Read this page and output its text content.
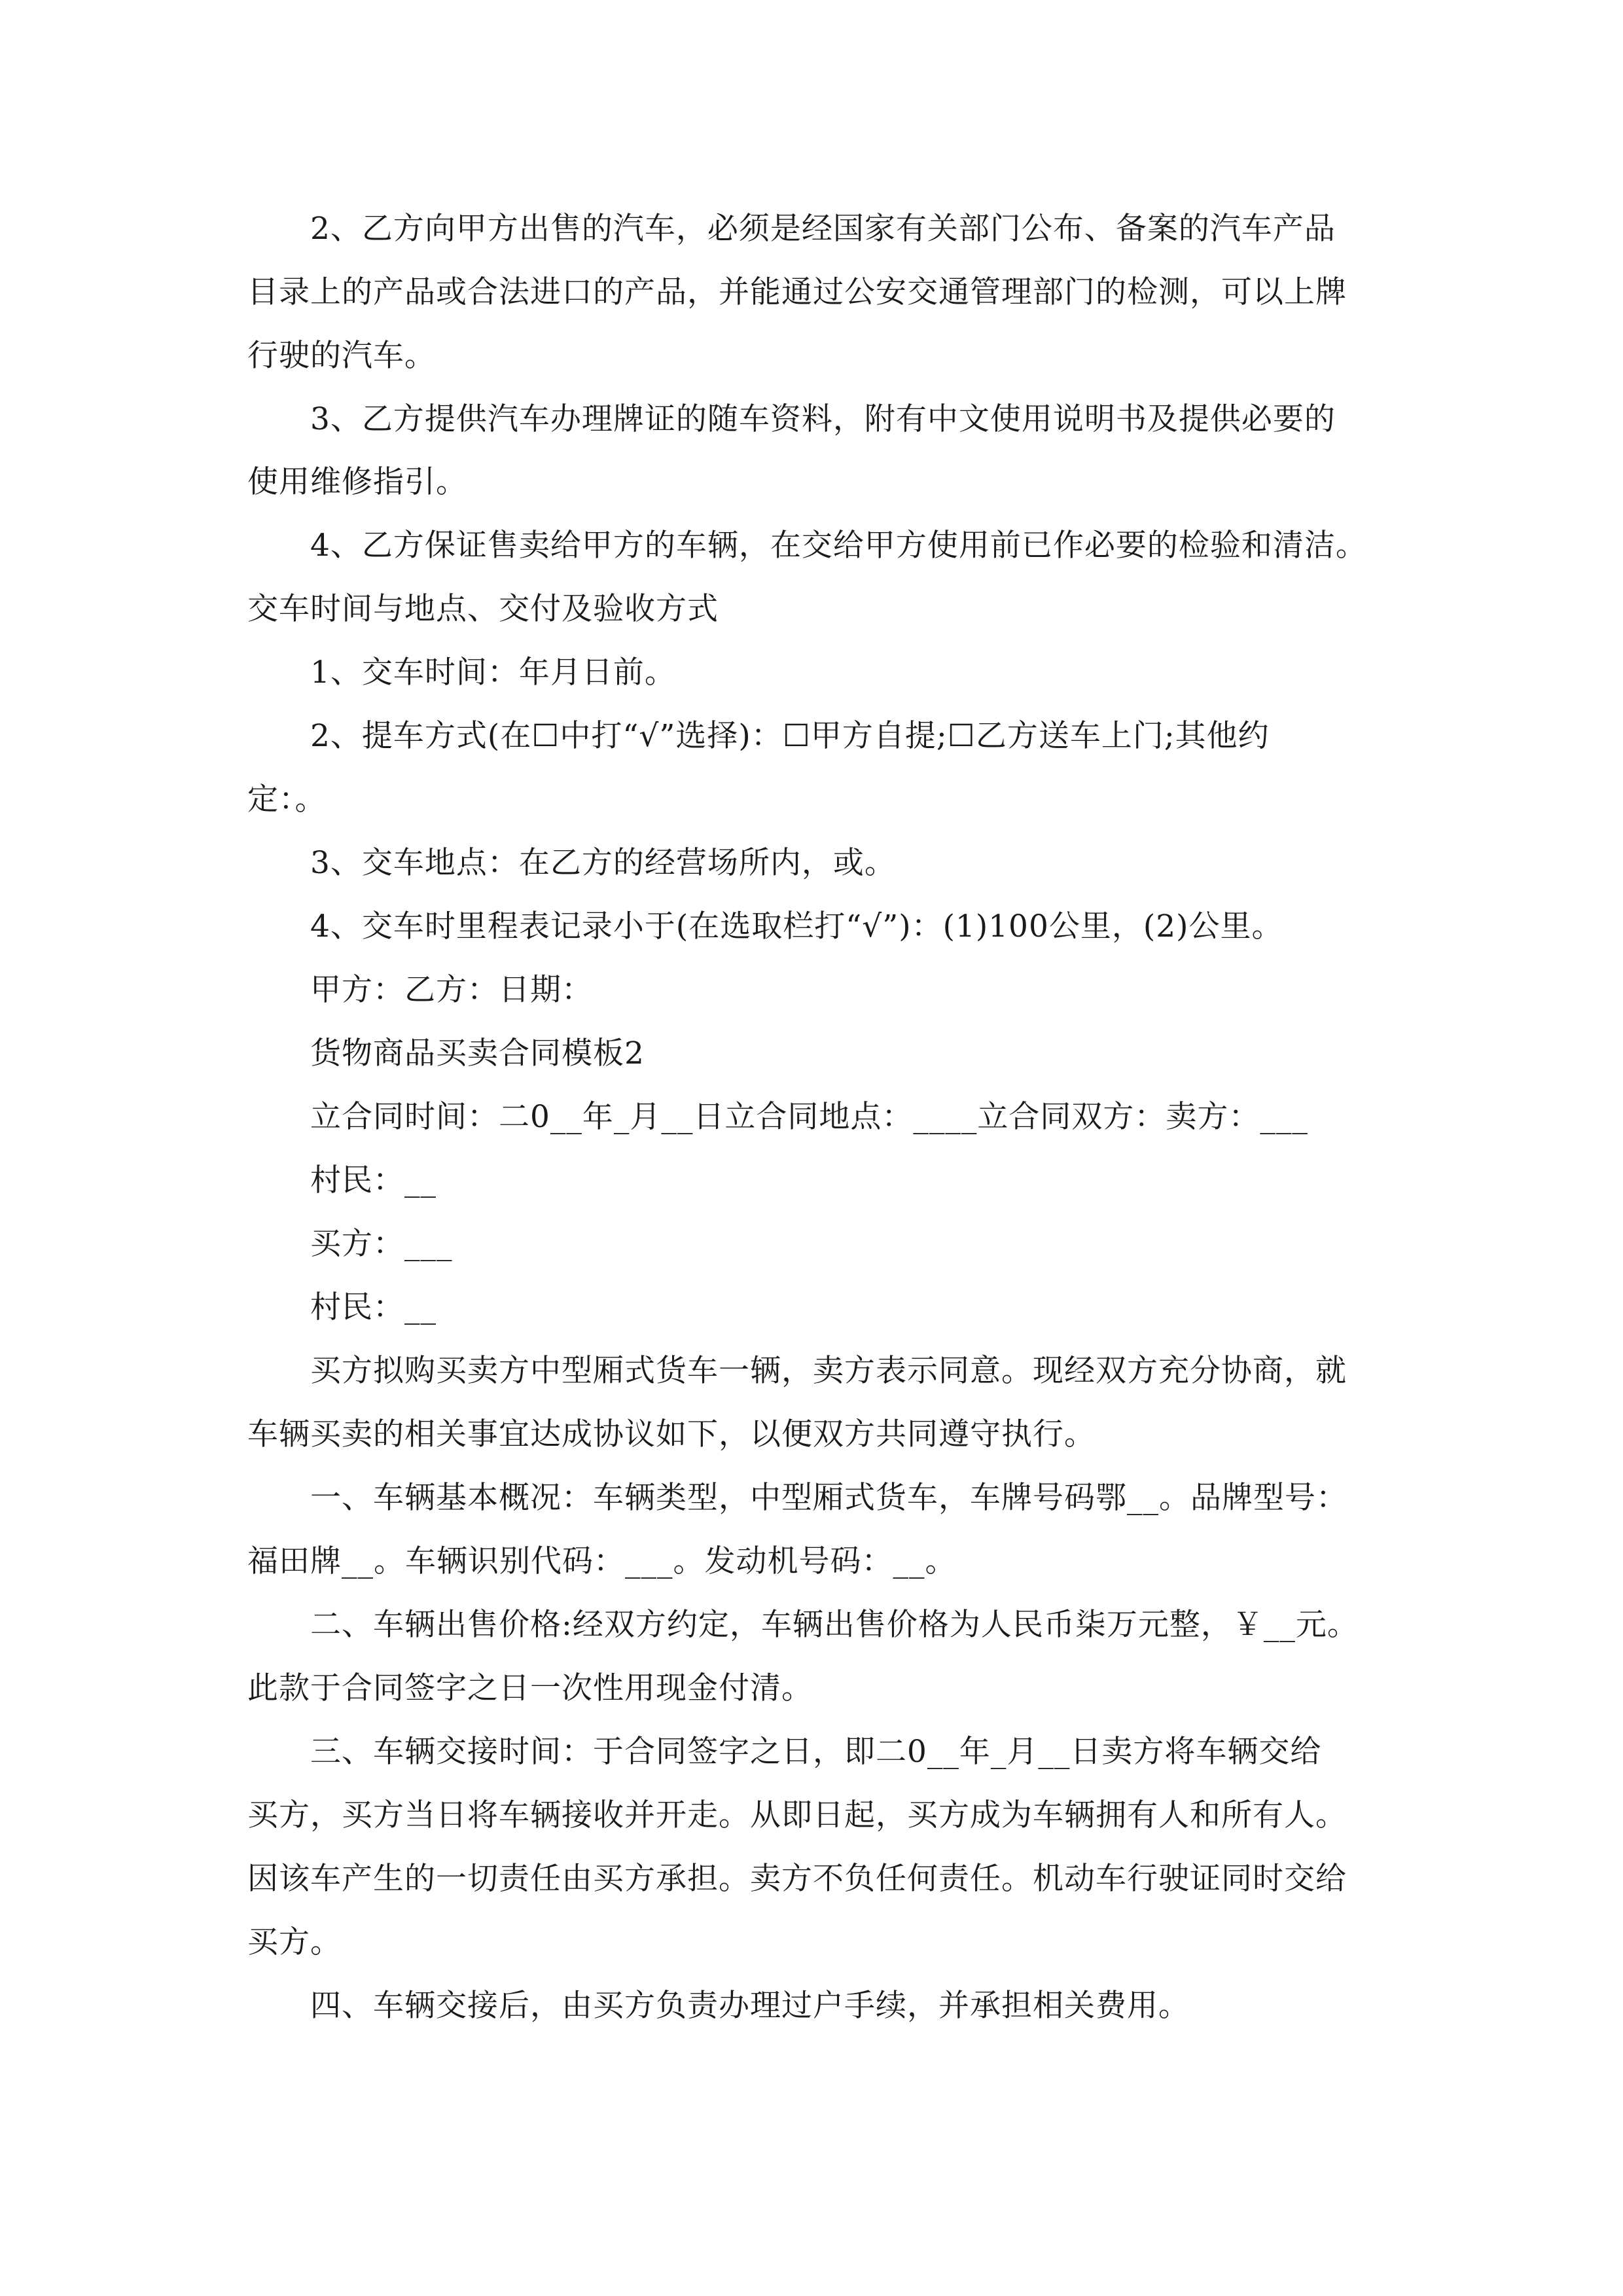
2、乙方向甲方出售的汽车，必须是经国家有关部门公布、备案的汽车产品

目录上的产品或合法进口的产品，并能通过公安交通管理部门的检测，可以上牌

行驶的汽车。

3、乙方提供汽车办理牌证的随车资料，附有中文使用说明书及提供必要的

使用维修指引。

4、乙方保证售卖给甲方的车辆，在交给甲方使用前已作必要的检验和清洁。

交车时间与地点、交付及验收方式

1、交车时间：年月日前。

2、提车方式(在☐中打“√”选择)：☐甲方自提;☐乙方送车上门;其他约

定：。

3、交车地点：在乙方的经营场所内，或。

4、交车时里程表记录小于(在选取栏打“√”)：(1)100公里，(2)公里。

甲方：乙方：日期：

货物商品买卖合同模板2

立合同时间：二0__年_月__日立合同地点：____立合同双方：卖方：___

村民：__

买方：___

村民：__

买方拟购买卖方中型厢式货车一辆，卖方表示同意。现经双方充分协商，就

车辆买卖的相关事宜达成协议如下，以便双方共同遵守执行。

一、车辆基本概况：车辆类型，中型厢式货车，车牌号码鄂__。品牌型号：

福田牌__。车辆识别代码：___。发动机号码：__。

二、车辆出售价格:经双方约定，车辆出售价格为人民币柒万元整，￥__元。

此款于合同签字之日一次性用现金付清。

三、车辆交接时间：于合同签字之日，即二0__年_月__日卖方将车辆交给

买方，买方当日将车辆接收并开走。从即日起，买方成为车辆拥有人和所有人。

因该车产生的一切责任由买方承担。卖方不负任何责任。机动车行驶证同时交给

买方。

四、车辆交接后，由买方负责办理过户手续，并承担相关费用。
